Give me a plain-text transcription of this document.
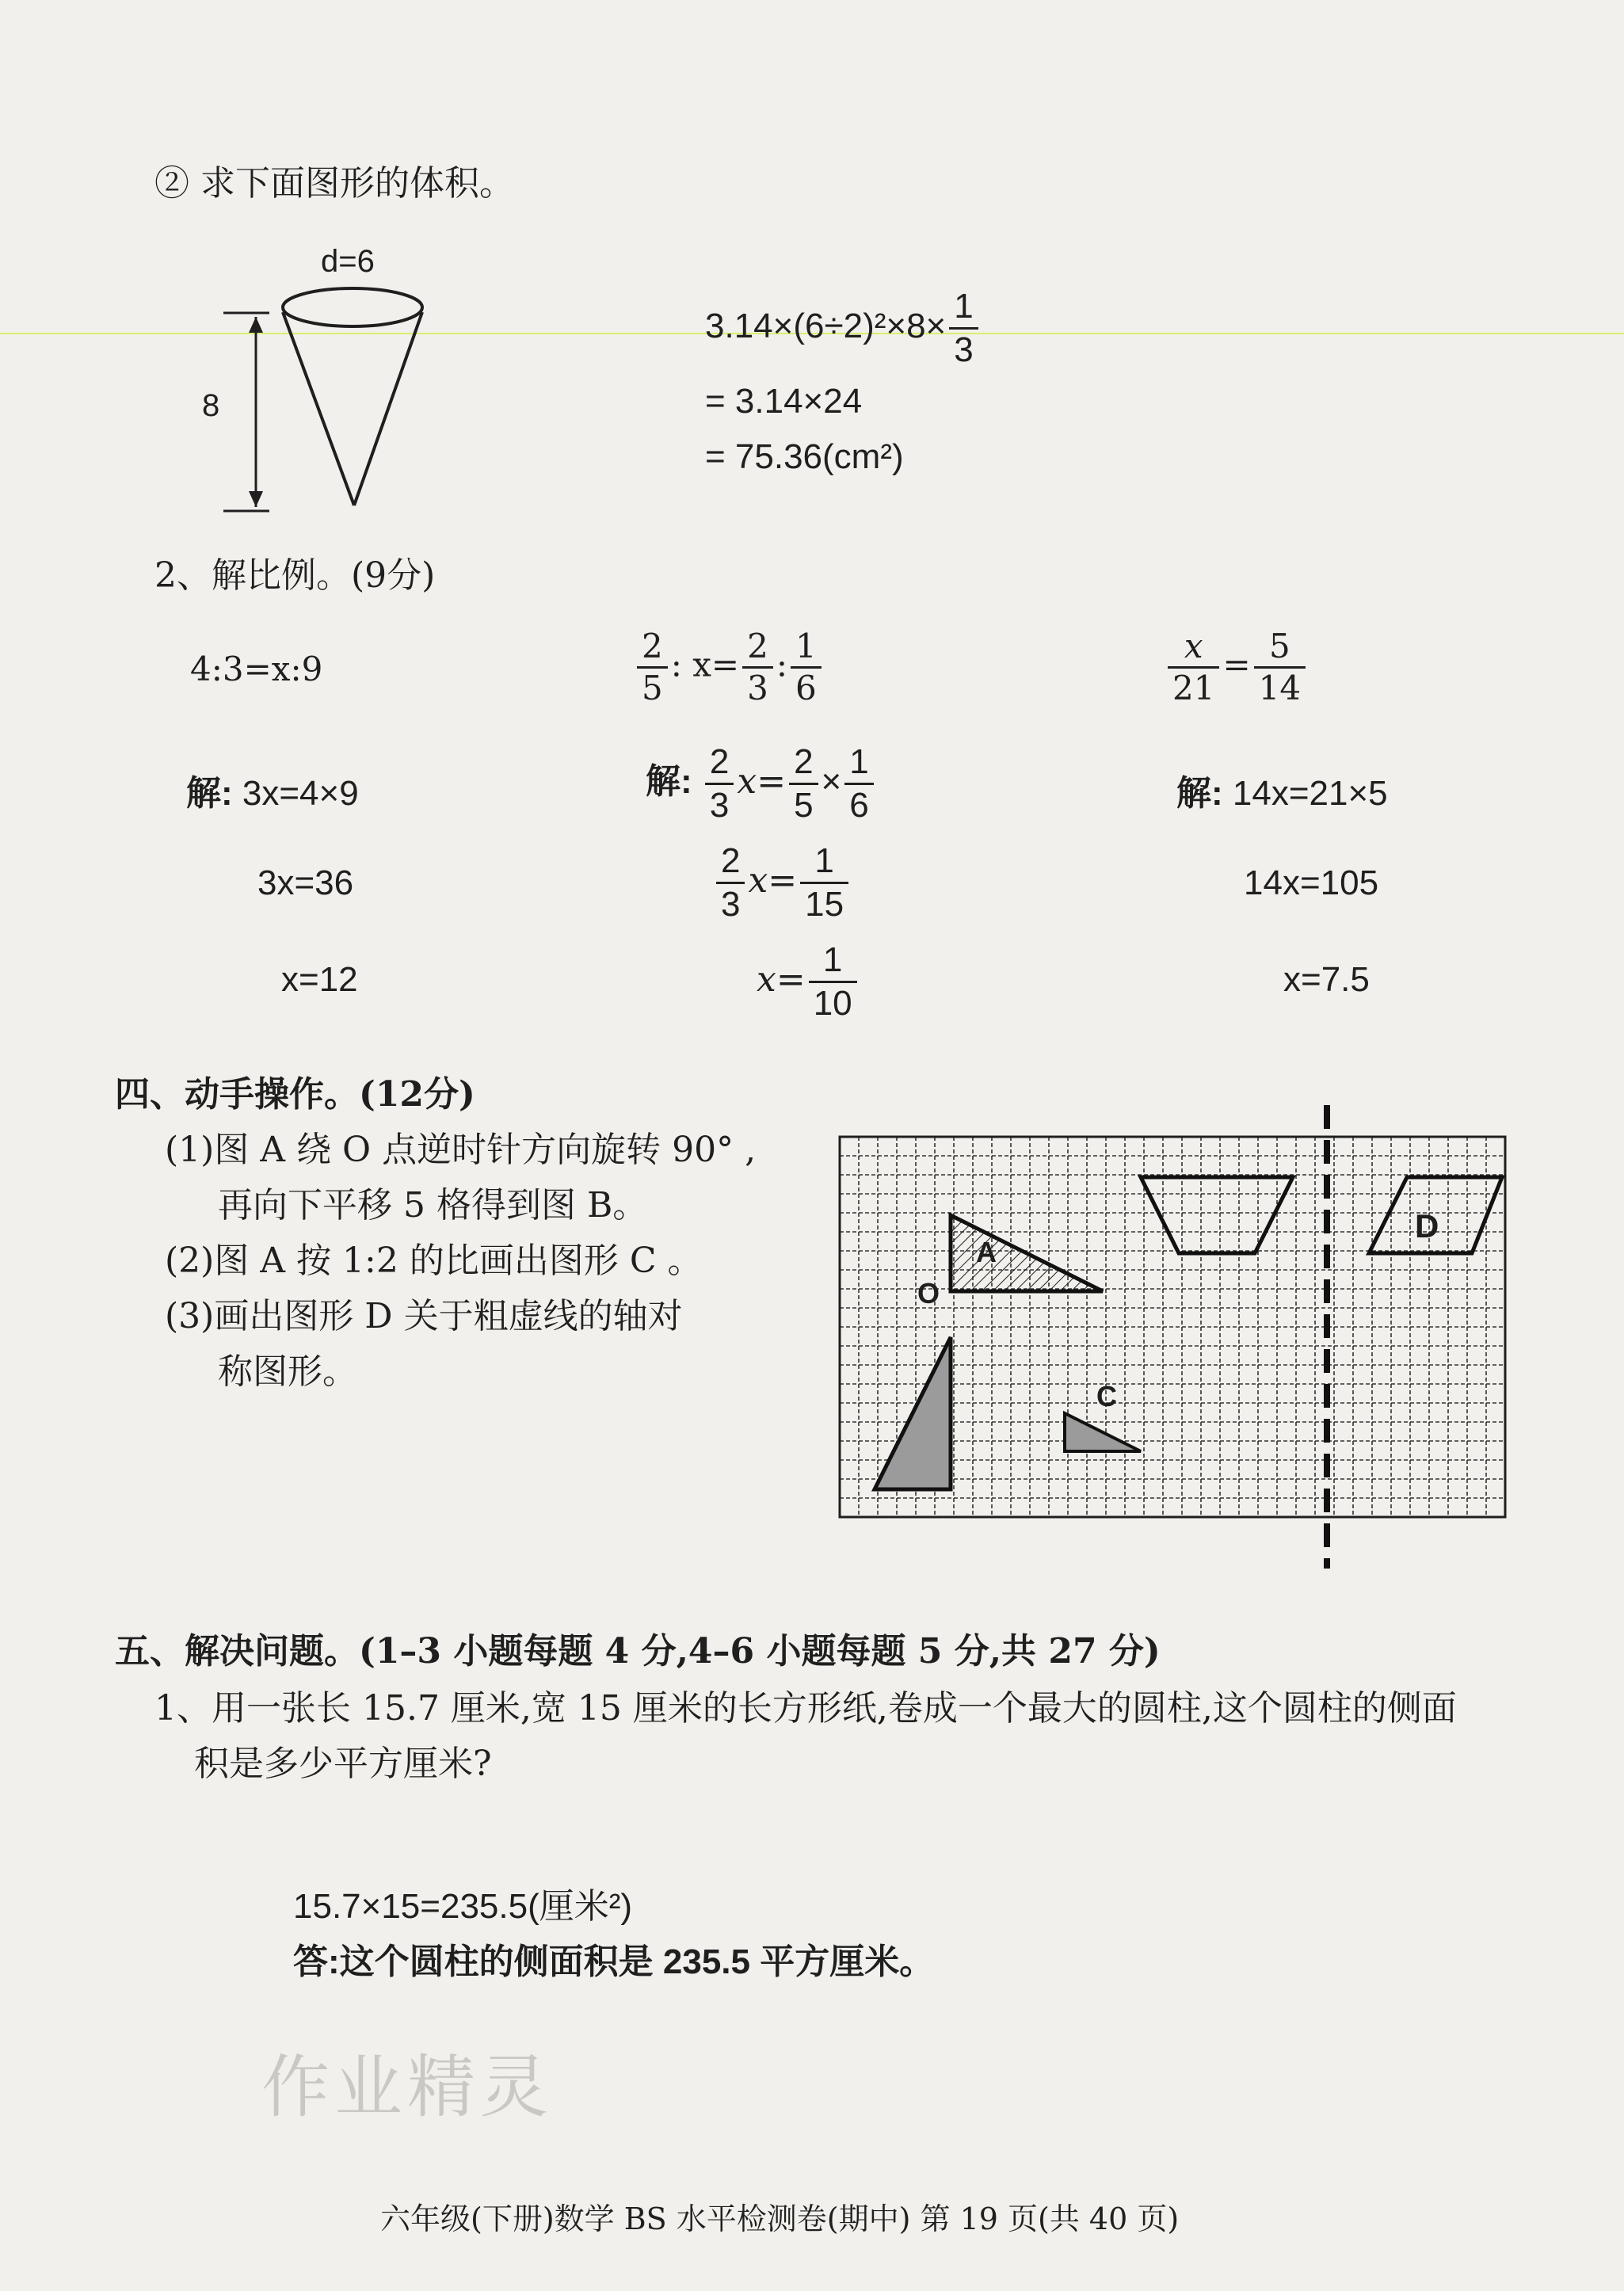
② 求下面图形的体积。
d=6
8
$3.14\times(6\div 2)^2\times 8\times \frac{1}{3}$
= 3.14×24
= 75.36(cm²)
2、解比例。(9分)
4:3=x:9
解: 3x=4×9
3x=36
x=12
$\frac{2}{5}$ : $x= \frac{2}{3}$ : $\frac{1}{6}$
解: $\frac{2}{3} x= \frac{2}{5} \times \frac{1}{6}$
$\frac{2}{3} x= \frac{1}{15}$
$x= \frac{1}{10}$
$\frac{x}{21} = \frac{5}{14}$
解: 14x=21×5
14x=105
x=7.5
四、动手操作。(12分)
(1)图 A 绕 O 点逆时针方向旋转 90° ,
再向下平移 5 格得到图 B。
(2)图 A 按 1:2 的比画出图形 C 。
(3)画出图形 D 关于粗虚线的轴对
称图形。
A
O
C
D
五、解决问题。(1–3 小题每题 4 分,4–6 小题每题 5 分,共 27 分)
1、用一张长 15.7 厘米,宽 15 厘米的长方形纸,卷成一个最大的圆柱,这个圆柱的侧面
积是多少平方厘米?
15.7×15=235.5(厘米²)
答:这个圆柱的侧面积是 235.5 平方厘米。
作业精灵
六年级(下册)数学 BS 水平检测卷(期中) 第 19 页(共 40 页)
